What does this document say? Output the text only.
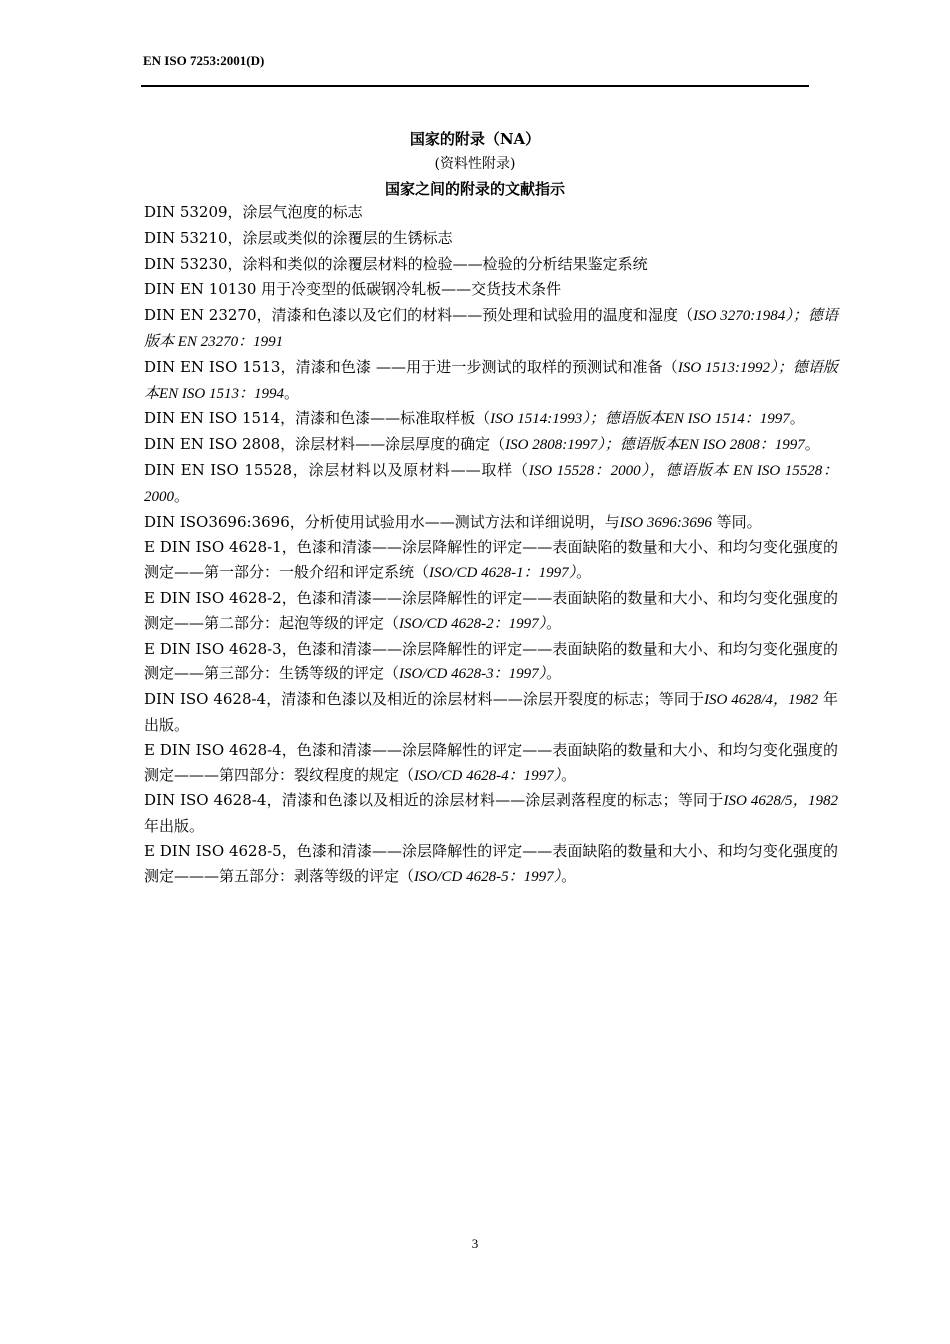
EN ISO 7253:2001(D)
国家的附录（NA）
(资料性附录)
国家之间的附录的文献指示

DIN 53209，涂层气泡度的标志

DIN 53210，涂层或类似的涂覆层的生锈标志

DIN 53230，涂料和类似的涂覆层材料的检验——检验的分析结果鉴定系统

DIN EN 10130 用于冷变型的低碳钢冷轧板——交货技术条件

DIN EN 23270，清漆和色漆以及它们的材料——预处理和试验用的温度和湿度（ISO 3270:1984）；德语版本 EN 23270：1991

DIN EN ISO 1513，清漆和色漆 ——用于进一步测试的取样的预测试和准备（ISO 1513:1992）；德语版本EN ISO 1513：1994。

DIN EN ISO 1514，清漆和色漆——标准取样板（ISO 1514:1993）；德语版本EN ISO 1514：1997。

DIN EN ISO 2808，涂层材料——涂层厚度的确定（ISO 2808:1997）；德语版本EN ISO 2808：1997。

DIN EN ISO 15528，涂层材料以及原材料——取样（ISO 15528：2000），德语版本 EN ISO 15528：2000。

DIN ISO3696:3696，分析使用试验用水——测试方法和详细说明，与ISO 3696:3696 等同。

E DIN ISO 4628-1，色漆和清漆——涂层降解性的评定——表面缺陷的数量和大小、和均匀变化强度的测定——第一部分：一般介绍和评定系统（ISO/CD 4628-1：1997）。

E DIN ISO 4628-2，色漆和清漆——涂层降解性的评定——表面缺陷的数量和大小、和均匀变化强度的测定——第二部分：起泡等级的评定（ISO/CD 4628-2：1997）。

E DIN ISO 4628-3，色漆和清漆——涂层降解性的评定——表面缺陷的数量和大小、和均匀变化强度的测定——第三部分：生锈等级的评定（ISO/CD 4628-3：1997）。

DIN ISO 4628-4，清漆和色漆以及相近的涂层材料——涂层开裂度的标志；等同于ISO 4628/4，1982 年出版。

E DIN ISO 4628-4，色漆和清漆——涂层降解性的评定——表面缺陷的数量和大小、和均匀变化强度的测定———第四部分：裂纹程度的规定（ISO/CD 4628-4：1997）。

DIN ISO 4628-4，清漆和色漆以及相近的涂层材料——涂层剥落程度的标志；等同于ISO 4628/5，1982 年出版。

E DIN ISO 4628-5，色漆和清漆——涂层降解性的评定——表面缺陷的数量和大小、和均匀变化强度的测定———第五部分：剥落等级的评定（ISO/CD 4628-5：1997）。

3
